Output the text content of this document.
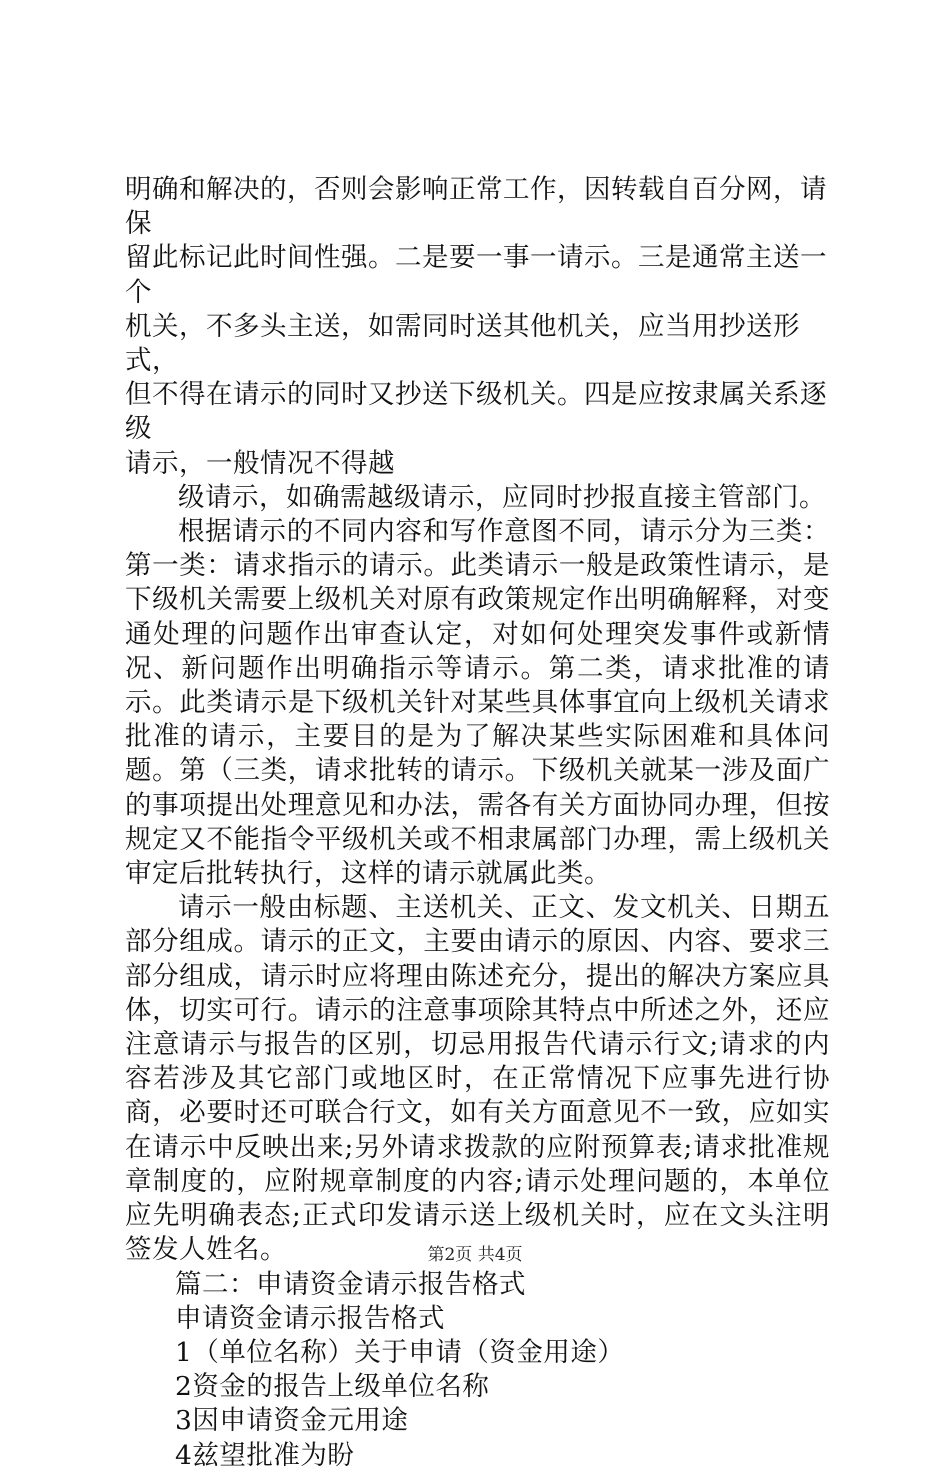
明确和解决的，否则会影响正常工作，因转载自百分网，请保
留此标记此时间性强。二是要一事一请示。三是通常主送一个
机关，不多头主送，如需同时送其他机关，应当用抄送形式，
但不得在请示的同时又抄送下级机关。四是应按隶属关系逐级
请示，一般情况不得越

级请示，如确需越级请示，应同时抄报直接主管部门。

根据请示的不同内容和写作意图不同，请示分为三类：第一类：请求指示的请示。此类请示一般是政策性请示，是下级机关需要上级机关对原有政策规定作出明确解释，对变通处理的问题作出审查认定，对如何处理突发事件或新情况、新问题作出明确指示等请示。第二类，请求批准的请示。此类请示是下级机关针对某些具体事宜向上级机关请求批准的请示，主要目的是为了解决某些实际困难和具体问题。第（三类，请求批转的请示。下级机关就某一涉及面广的事项提出处理意见和办法，需各有关方面协同办理，但按规定又不能指令平级机关或不相隶属部门办理，需上级机关审定后批转执行，这样的请示就属此类。

请示一般由标题、主送机关、正文、发文机关、日期五部分组成。请示的正文，主要由请示的原因、内容、要求三部分组成，请示时应将理由陈述充分，提出的解决方案应具体，切实可行。请示的注意事项除其特点中所述之外，还应注意请示与报告的区别，切忌用报告代请示行文;请求的内容若涉及其它部门或地区时，在正常情况下应事先进行协商，必要时还可联合行文，如有关方面意见不一致，应如实在请示中反映出来;另外请求拨款的应附预算表;请求批准规章制度的，应附规章制度的内容;请示处理问题的，本单位应先明确表态;正式印发请示送上级机关时，应在文头注明签发人姓名。

篇二：申请资金请示报告格式

申请资金请示报告格式

1（单位名称）关于申请（资金用途）

2资金的报告上级单位名称

3因申请资金元用途

4兹望批准为盼

第2页 共4页
